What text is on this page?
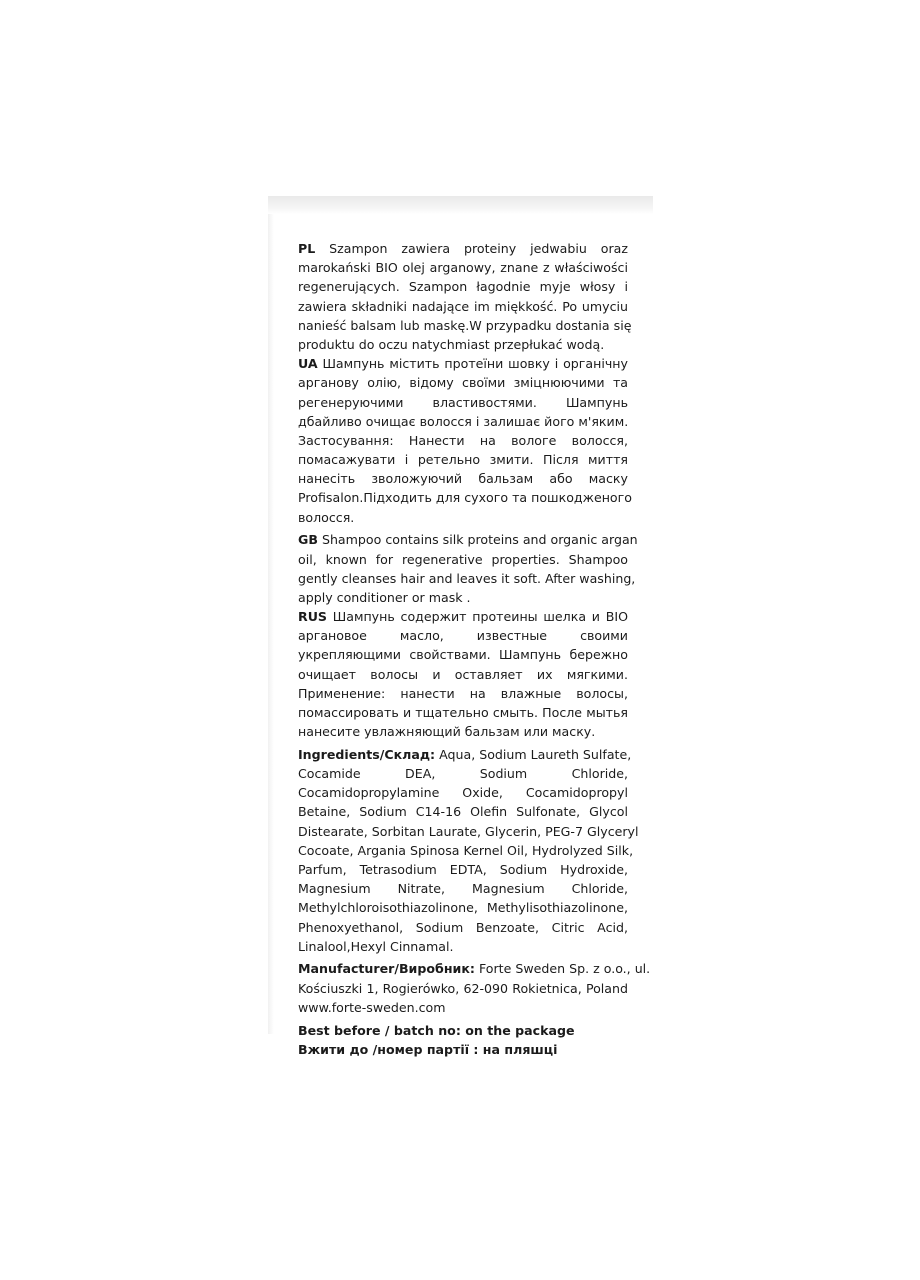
PL Szampon zawiera proteiny jedwabiu oraz
marokański BIO olej arganowy, znane z właściwości
regenerujących. Szampon łagodnie myje włosy i
zawiera składniki nadające im miękkość. Po umyciu
nanieść balsam lub maskę.W przypadku dostania się
produktu do oczu natychmiast przepłukać wodą.
UA Шампунь містить протеїни шовку і органічну
арганову олію, відому своїми зміцнюючими та
регенеруючими властивостями. Шампунь
дбайливо очищає волосся і залишає його м'яким.
Застосування: Нанести на вологе волосся,
помасажувати і ретельно змити. Після миття
нанесіть зволожуючий бальзам або маску
Profisalon.Підходить для сухого та пошкодженого
волосся.
GB Shampoo contains silk proteins and organic argan
oil, known for regenerative properties. Shampoo
gently cleanses hair and leaves it soft. After washing,
apply conditioner or mask .
RUS Шампунь содержит протеины шелка и BIO
аргановое масло, известные своими
укрепляющими свойствами. Шампунь бережно
очищает волосы и оставляет их мягкими.
Применение: нанести на влажные волосы,
помассировать и тщательно смыть. После мытья
нанесите увлажняющий бальзам или маску.
Ingredients/Склад: Aqua, Sodium Laureth Sulfate,
Cocamide DEA, Sodium Chloride,
Cocamidopropylamine Oxide, Cocamidopropyl
Betaine, Sodium C14-16 Olefin Sulfonate, Glycol
Distearate, Sorbitan Laurate, Glycerin, PEG-7 Glyceryl
Cocoate, Argania Spinosa Kernel Oil, Hydrolyzed Silk,
Parfum, Tetrasodium EDTA, Sodium Hydroxide,
Magnesium Nitrate, Magnesium Chloride,
Methylchloroisothiazolinone, Methylisothiazolinone,
Phenoxyethanol, Sodium Benzoate, Citric Acid,
Linalool,Hexyl Cinnamal.
Manufacturer/Виробник: Forte Sweden Sp. z o.o., ul.
Kościuszki 1, Rogierówko, 62-090 Rokietnica, Poland
www.forte-sweden.com
Best before / batch no: on the package
Вжити до /номер партії : на пляшці
